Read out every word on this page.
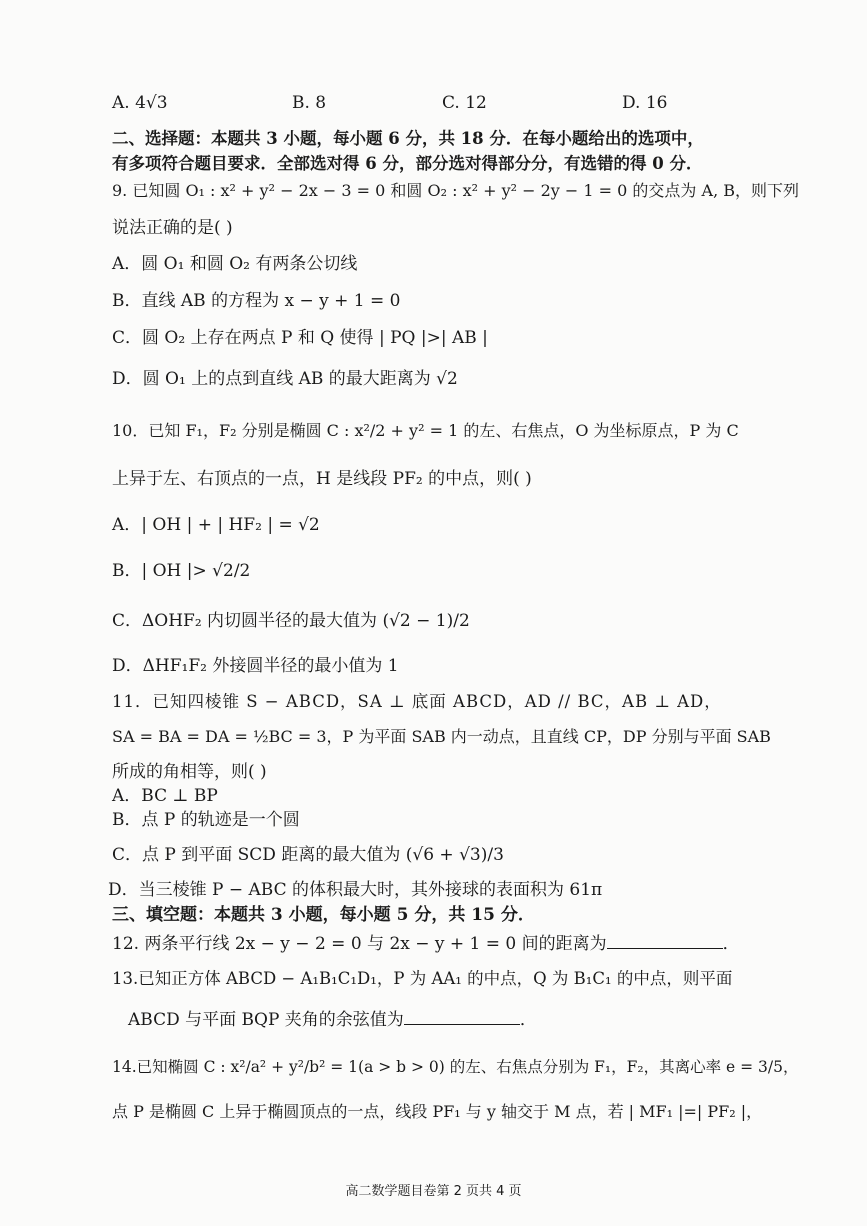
A. 4√3	B. 8	C. 12	D. 16
二、选择题：本题共 3 小题，每小题 6 分，共 18 分．在每小题给出的选项中，
有多项符合题目要求．全部选对得 6 分，部分选对得部分分，有选错的得 0 分．
9. 已知圆 O₁ : x² + y² − 2x − 3 = 0 和圆 O₂ : x² + y² − 2y − 1 = 0 的交点为 A, B，则下列
说法正确的是( )
A．圆 O₁ 和圆 O₂ 有两条公切线
B．直线 AB 的方程为 x − y + 1 = 0
C．圆 O₂ 上存在两点 P 和 Q 使得 | PQ |>| AB |
D．圆 O₁ 上的点到直线 AB 的最大距离为 √2
10．已知 F₁，F₂ 分别是椭圆 C : x²/2 + y² = 1 的左、右焦点，O 为坐标原点，P 为 C
上异于左、右顶点的一点，H 是线段 PF₂ 的中点，则( )
A．| OH | + | HF₂ | = √2
B．| OH |> √2/2
C．ΔOHF₂ 内切圆半径的最大值为 (√2 − 1)/2
D．ΔHF₁F₂ 外接圆半径的最小值为 1
11．已知四棱锥 S − ABCD，SA ⊥ 底面 ABCD，AD // BC，AB ⊥ AD，
SA = BA = DA = ½BC = 3，P 为平面 SAB 内一动点，且直线 CP，DP 分别与平面 SAB
所成的角相等，则( )
A．BC ⊥ BP
B．点 P 的轨迹是一个圆
C．点 P 到平面 SCD 距离的最大值为 (√6 + √3)/3
D．当三棱锥 P − ABC 的体积最大时，其外接球的表面积为 61π
三、填空题：本题共 3 小题，每小题 5 分，共 15 分．
12. 两条平行线 2x − y − 2 = 0 与 2x − y + 1 = 0 间的距离为	．
13.已知正方体 ABCD − A₁B₁C₁D₁，P 为 AA₁ 的中点，Q 为 B₁C₁ 的中点，则平面
ABCD 与平面 BQP 夹角的余弦值为	．
14.已知椭圆 C : x²/a² + y²/b² = 1(a > b > 0) 的左、右焦点分别为 F₁，F₂，其离心率 e = 3/5，
点 P 是椭圆 C 上异于椭圆顶点的一点，线段 PF₁ 与 y 轴交于 M 点，若 | MF₁ |=| PF₂ |，
高二数学题目卷第 2 页共 4 页
